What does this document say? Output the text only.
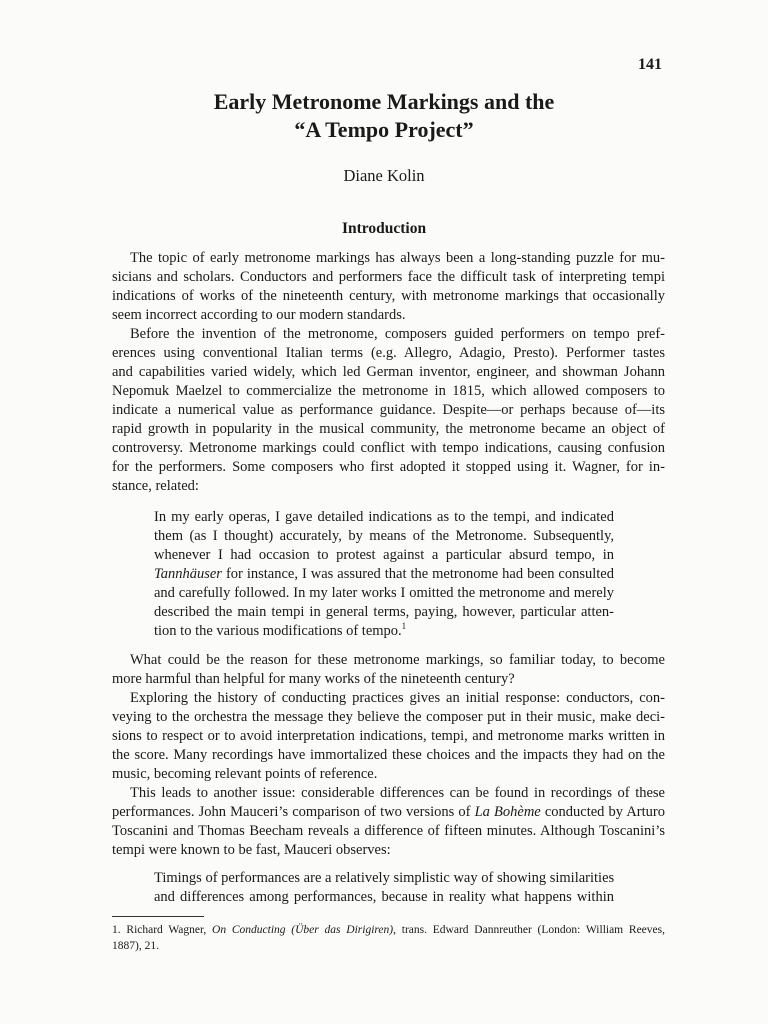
141
Early Metronome Markings and the
“A Tempo Project”
Diane Kolin
Introduction
The topic of early metronome markings has always been a long-standing puzzle for mu-
sicians and scholars. Conductors and performers face the difficult task of interpreting tempi
indications of works of the nineteenth century, with metronome markings that occasionally
seem incorrect according to our modern standards.
Before the invention of the metronome, composers guided performers on tempo pref-
erences using conventional Italian terms (e.g. Allegro, Adagio, Presto). Performer tastes
and capabilities varied widely, which led German inventor, engineer, and showman Johann
Nepomuk Maelzel to commercialize the metronome in 1815, which allowed composers to
indicate a numerical value as performance guidance. Despite—or perhaps because of—its
rapid growth in popularity in the musical community, the metronome became an object of
controversy. Metronome markings could conflict with tempo indications, causing confusion
for the performers. Some composers who first adopted it stopped using it. Wagner, for in-
stance, related:
In my early operas, I gave detailed indications as to the tempi, and indicated
them (as I thought) accurately, by means of the Metronome. Subsequently,
whenever I had occasion to protest against a particular absurd tempo, in
Tannhäuser for instance, I was assured that the metronome had been consulted
and carefully followed. In my later works I omitted the metronome and merely
described the main tempi in general terms, paying, however, particular atten-
tion to the various modifications of tempo.$^1$
What could be the reason for these metronome markings, so familiar today, to become
more harmful than helpful for many works of the nineteenth century?
Exploring the history of conducting practices gives an initial response: conductors, con-
veying to the orchestra the message they believe the composer put in their music, make deci-
sions to respect or to avoid interpretation indications, tempi, and metronome marks written in
the score. Many recordings have immortalized these choices and the impacts they had on the
music, becoming relevant points of reference.
This leads to another issue: considerable differences can be found in recordings of these
performances. John Mauceri’s comparison of two versions of La Bohème conducted by Arturo
Toscanini and Thomas Beecham reveals a difference of fifteen minutes. Although Toscanini’s
tempi were known to be fast, Mauceri observes:
Timings of performances are a relatively simplistic way of showing similarities
and differences among performances, because in reality what happens within
1. Richard Wagner, On Conducting (Über das Dirigiren), trans. Edward Dannreuther (London: William Reeves,
1887), 21.
